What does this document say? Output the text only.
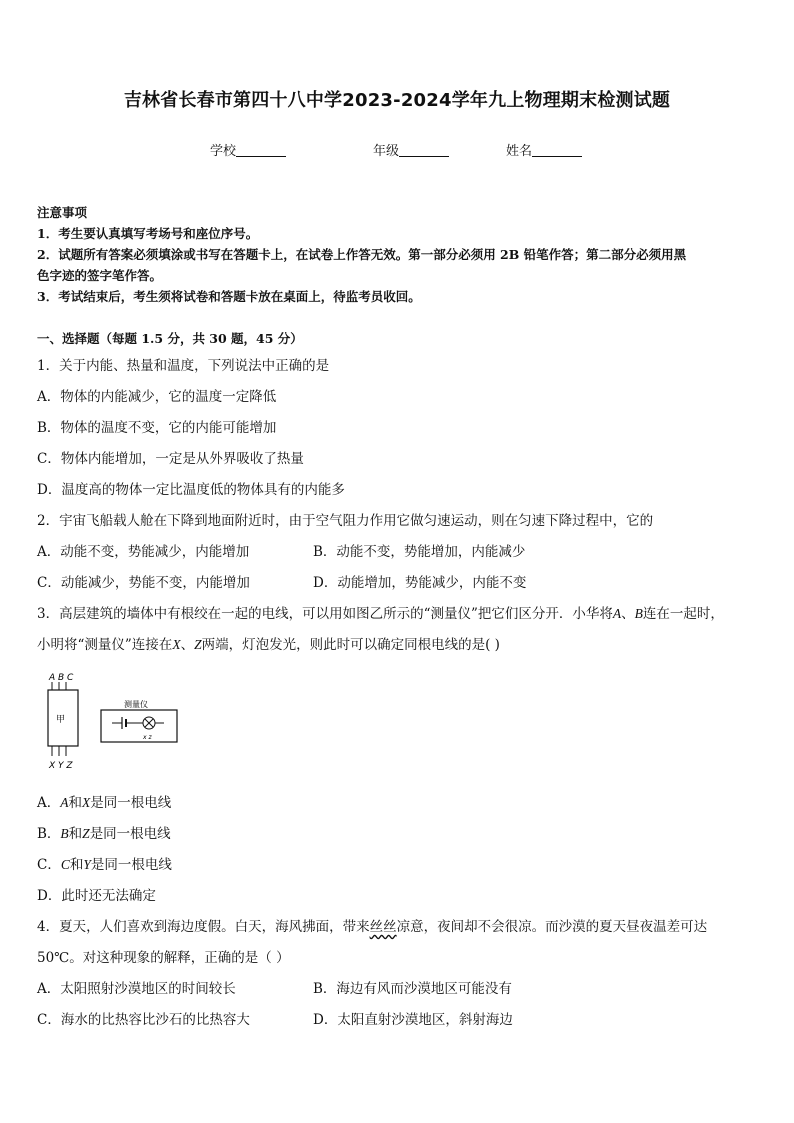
吉林省长春市第四十八中学2023-2024学年九上物理期末检测试题
学校	年级	姓名
注意事项
1．考生要认真填写考场号和座位序号。
2．试题所有答案必须填涂或书写在答题卡上，在试卷上作答无效。第一部分必须用 2B 铅笔作答；第二部分必须用黑
色字迹的签字笔作答。
3．考试结束后，考生须将试卷和答题卡放在桌面上，待监考员收回。
一、选择题（每题 1.5 分，共 30 题，45 分）
1．关于内能、热量和温度，下列说法中正确的是
A．物体的内能减少，它的温度一定降低
B．物体的温度不变，它的内能可能增加
C．物体内能增加，一定是从外界吸收了热量
D．温度高的物体一定比温度低的物体具有的内能多
2．宇宙飞船载人舱在下降到地面附近时，由于空气阻力作用它做匀速运动，则在匀速下降过程中，它的
A．动能不变，势能减少，内能增加	B．动能不变，势能增加，内能减少
C．动能减少，势能不变，内能增加	D．动能增加，势能减少，内能不变
3．高层建筑的墙体中有根绞在一起的电线，可以用如图乙所示的“测量仪”把它们区分开．小华将A、B连在一起时，
小明将“测量仪”连接在X、Z两端，灯泡发光，则此时可以确定同根电线的是( )
A B C
甲
X Y Z
测量仪
x z
A．A和X是同一根电线
B．B和Z是同一根电线
C．C和Y是同一根电线
D．此时还无法确定
4．夏天，人们喜欢到海边度假。白天，海风拂面，带来丝丝凉意，夜间却不会很凉。而沙漠的夏天昼夜温差可达
50℃。对这种现象的解释，正确的是（ ）
A．太阳照射沙漠地区的时间较长	B．海边有风而沙漠地区可能没有
C．海水的比热容比沙石的比热容大	D．太阳直射沙漠地区，斜射海边
